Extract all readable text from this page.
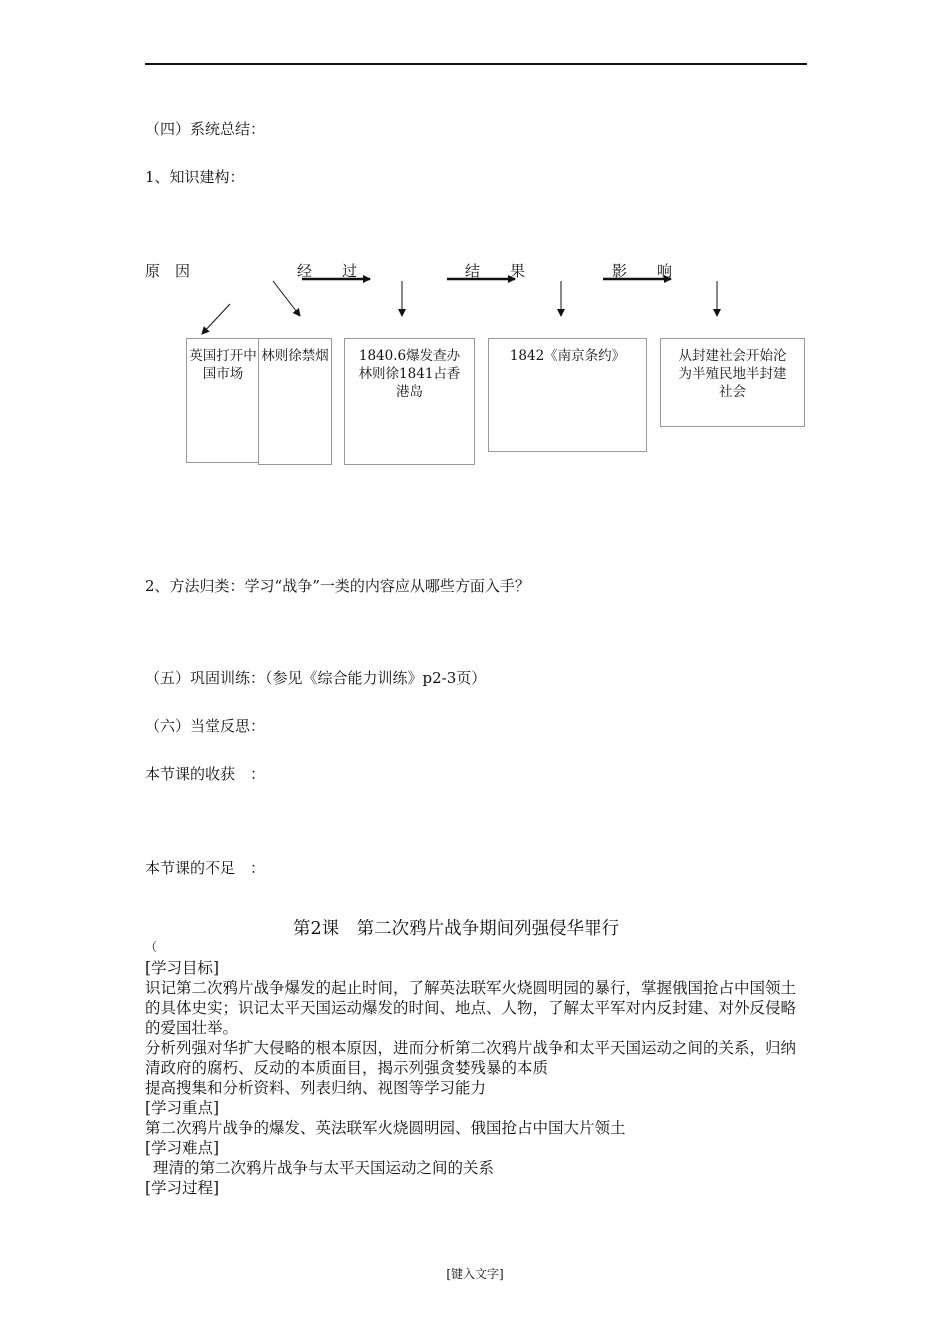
（四）系统总结：
1、知识建构：
原　因	经　　过	结　　果	影　　响
英国打开中国市场
林则徐禁烟	1840.6爆发查办林则徐1841占香港岛
1842《南京条约》	从封建社会开始沦为半殖民地半封建社会
2、方法归类：学习“战争”一类的内容应从哪些方面入手？
（五）巩固训练：（参见《综合能力训练》p2-3页）
（六）当堂反思：
本节课的收获　：
本节课的不足　：
第2课　第二次鸦片战争期间列强侵华罪行
（
[学习目标]
识记第二次鸦片战争爆发的起止时间，了解英法联军火烧圆明园的暴行，掌握俄国抢占中国领土的具体史实；识记太平天国运动爆发的时间、地点、人物，了解太平军对内反封建、对外反侵略的爱国壮举。
分析列强对华扩大侵略的根本原因，进而分析第二次鸦片战争和太平天国运动之间的关系，归纳清政府的腐朽、反动的本质面目，揭示列强贪婪残暴的本质
提高搜集和分析资料、列表归纳、视图等学习能力
[学习重点]
第二次鸦片战争的爆发、英法联军火烧圆明园、俄国抢占中国大片领土
[学习难点]
理清的第二次鸦片战争与太平天国运动之间的关系
[学习过程]
[键入文字]
